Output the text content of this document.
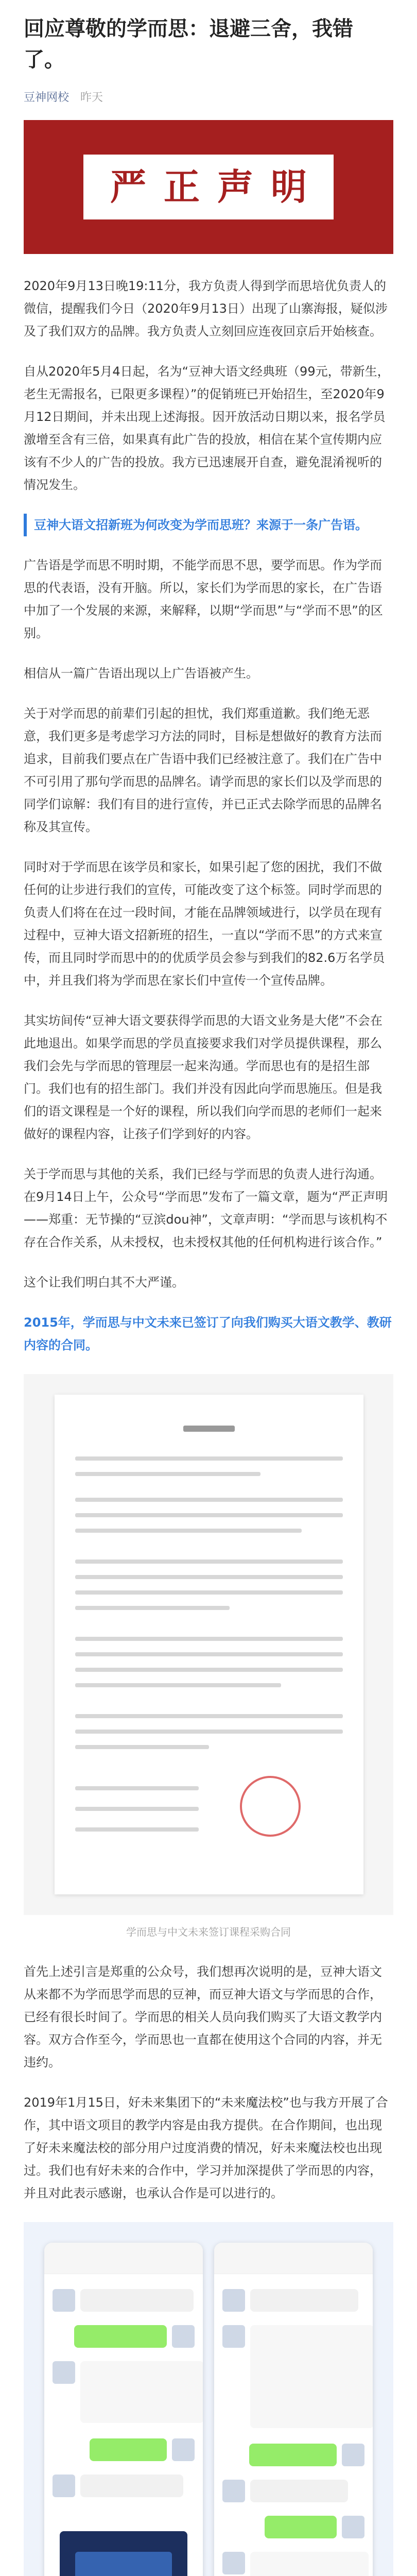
回应尊敬的学而思：退避三舍，我错了。
豆神网校 昨天
严正声明

2020年9月13日晚19:11分，我方负责人得到学而思培优负责人的微信，提醒我们今日（2020年9月13日）出现了山寨海报，疑似涉及了我们双方的品牌。我方负责人立刻回应连夜回京后开始核查。

自从2020年5月4日起，名为“豆神大语文经典班（99元，带新生，老生无需报名，已限更多课程）”的促销班已开始招生，至2020年9月12日期间，并未出现上述海报。因开放活动日期以来，报名学员激增至含有三倍，如果真有此广告的投放，相信在某个宣传期内应该有不少人的广告的投放。我方已迅速展开自查，避免混淆视听的情况发生。

豆神大语文招新班为何改变为学而思班？来源于一条广告语。

广告语是学而思不明时期，不能学而思不思，要学而思。作为学而思的代表语，没有开脑。所以，家长们为学而思的家长，在广告语中加了一个发展的来源，来解释，以期“学而思”与“学而不思”的区别。

相信从一篇广告语出现以上广告语被产生。

关于对学而思的前辈们引起的担忧，我们郑重道歉。我们绝无恶意，我们更多是考虑学习方法的同时，目标是想做好的教育方法而追求，目前我们要点在广告语中我们已经被注意了。我们在广告中不可引用了那句学而思的品牌名。请学而思的家长们以及学而思的同学们谅解：我们有目的进行宣传，并已正式去除学而思的品牌名称及其宣传。

同时对于学而思在该学员和家长，如果引起了您的困扰，我们不做任何的让步进行我们的宣传，可能改变了这个标签。同时学而思的负责人们将在在过一段时间，才能在品牌领域进行，以学员在现有过程中，豆神大语文招新班的招生，一直以“学而不思”的方式来宣传，而且同时学而思中的的优质学员会参与到我们的82.6万名学员中，并且我们将为学而思在家长们中宣传一个宣传品牌。

其实坊间传“豆神大语文要获得学而思的大语文业务是大佬”不会在此地退出。如果学而思的学员直接要求我们对学员提供课程，那么我们会先与学而思的管理层一起来沟通。学而思也有的是招生部门。我们也有的招生部门。我们并没有因此向学而思施压。但是我们的语文课程是一个好的课程，所以我们向学而思的老师们一起来做好的课程内容，让孩子们学到好的内容。

关于学而思与其他的关系，我们已经与学而思的负责人进行沟通。在9月14日上午，公众号“学而思”发布了一篇文章，题为“严正声明——郑重：无节操的“豆滨dou神”，文章声明：“学而思与该机构不存在合作关系，从未授权，也未授权其他的任何机构进行该合作。”

这个让我们明白其不大严谨。

2015年，学而思与中文未来已签订了向我们购买大语文教学、教研内容的合同。
学而思与中文未来签订课程采购合同

首先上述引言是郑重的公众号，我们想再次说明的是，豆神大语文从来都不为学而思学而思的豆神，而豆神大语文与学而思的合作，已经有很长时间了。学而思的相关人员向我们购买了大语文教学内容。双方合作至今，学而思也一直都在使用这个合同的内容，并无违约。

2019年1月15日，好未来集团下的“未来魔法校”也与我方开展了合作，其中语文项目的教学内容是由我方提供。在合作期间，也出现了好未来魔法校的部分用户过度消费的情况，好未来魔法校也出现过。我们也有好未来的合作中，学习并加深提供了学而思的内容，并且对此表示感谢，也承认合作是可以进行的。
